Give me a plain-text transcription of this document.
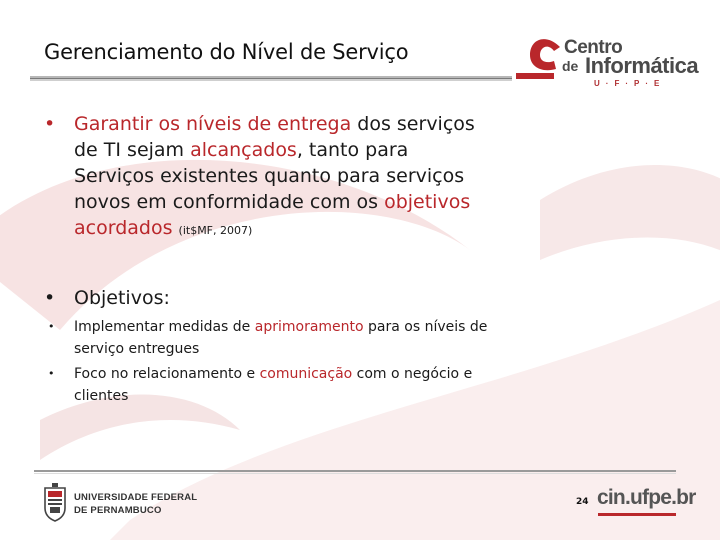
Gerenciamento do Nível de Serviço	Centro
de Informática
U·F·P·E
• Garantir os níveis de entrega dos serviços de TI sejam alcançados, tanto para Serviços existentes quanto para serviços novos em conformidade com os objetivos acordados (it$MF, 2007)
• Objetivos:
• Implementar medidas de aprimoramento para os níveis de serviço entregues
• Foco no relacionamento e comunicação com o negócio e clientes
UNIVERSIDADE FEDERAL
DE PERNAMBUCO
24 cin.ufpe.br
